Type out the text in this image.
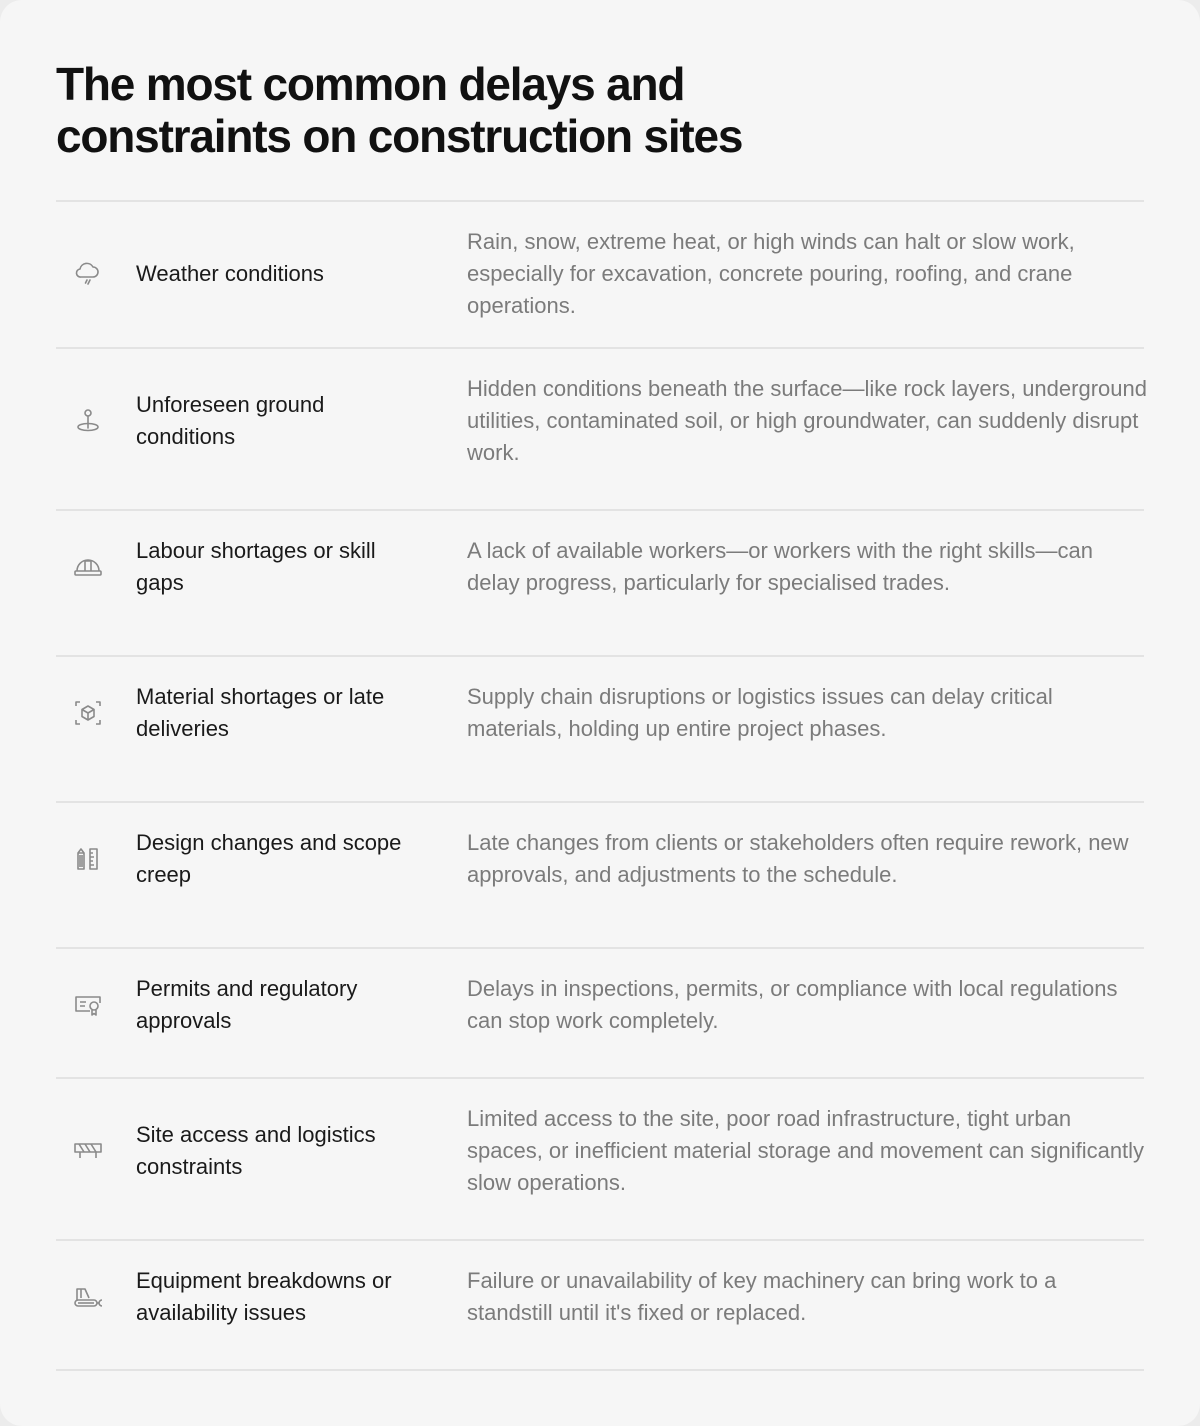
The most common delays and constraints on construction sites
Weather conditions
Rain, snow, extreme heat, or high winds can halt or slow work, especially for excavation, concrete pouring, roofing, and crane operations.
Unforeseen ground conditions
Hidden conditions beneath the surface—like rock layers, underground utilities, contaminated soil, or high groundwater, can suddenly disrupt work.
Labour shortages or skill gaps
A lack of available workers—or workers with the right skills—can delay progress, particularly for specialised trades.
Material shortages or late deliveries
Supply chain disruptions or logistics issues can delay critical materials, holding up entire project phases.
Design changes and scope creep
Late changes from clients or stakeholders often require rework, new approvals, and adjustments to the schedule.
Permits and regulatory approvals
Delays in inspections, permits, or compliance with local regulations can stop work completely.
Site access and logistics constraints
Limited access to the site, poor road infrastructure, tight urban spaces, or inefficient material storage and movement can significantly slow operations.
Equipment breakdowns or availability issues
Failure or unavailability of key machinery can bring work to a standstill until it's fixed or replaced.
